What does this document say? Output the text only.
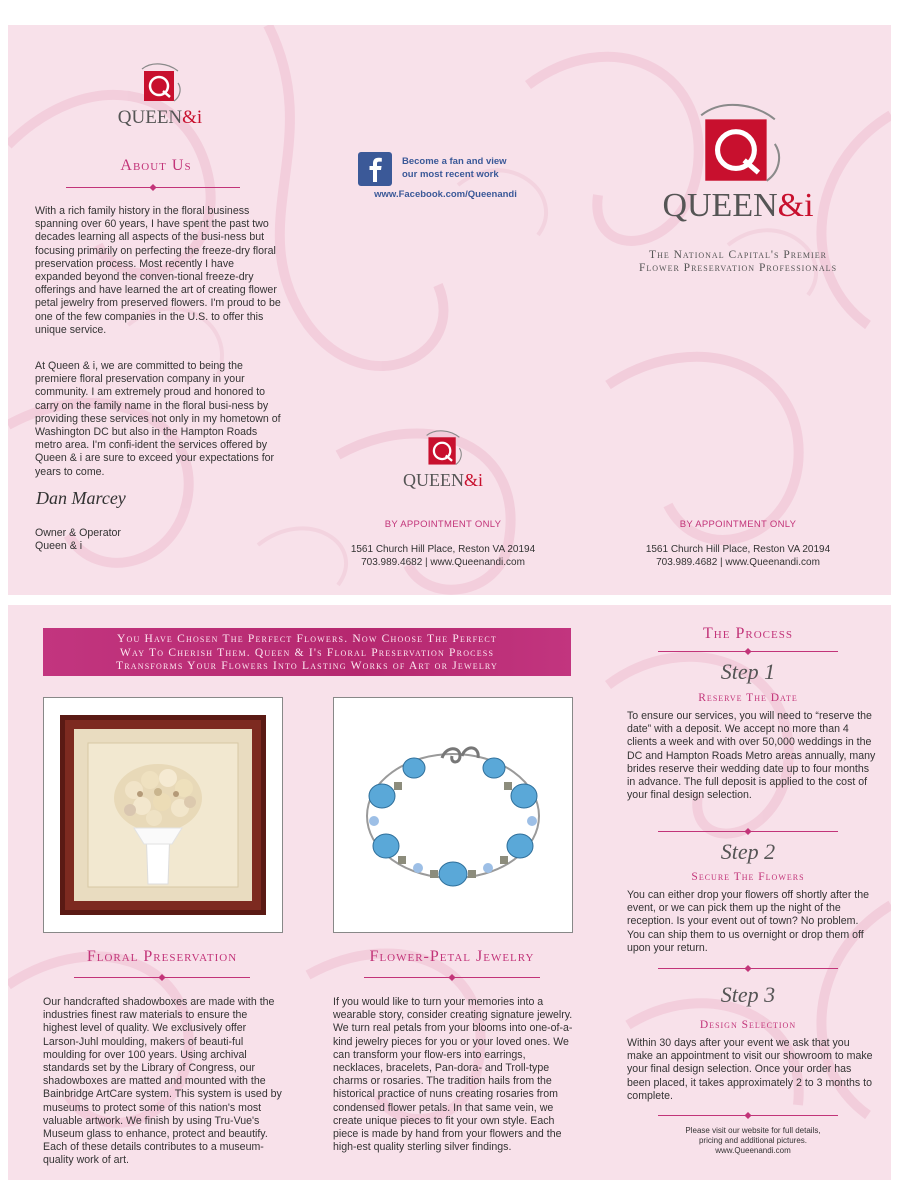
QUEEN&i
About Us
With a rich family history in the floral business spanning over 60 years, I have spent the past two decades learning all aspects of the busi-ness but focusing primarily on perfecting the freeze-dry floral preservation process. Most recently I have expanded beyond the conven-tional freeze-dry offerings and have learned the art of creating flower petal jewelry from preserved flowers. I'm proud to be one of the few companies in the U.S. to offer this unique service.
At Queen & i, we are committed to being the premiere floral preservation company in your community. I am extremely proud and honored to carry on the family name in the floral busi-ness by providing these services not only in my hometown of Washington DC but also in the Hampton Roads metro area. I'm confi-ident the services offered by Queen & i are sure to exceed your expectations for years to come.
Dan Marcey
Owner & Operator
Queen & i
Become a fan and view
our most recent work
www.Facebook.com/Queenandi
QUEEN&i
BY APPOINTMENT ONLY
1561 Church Hill Place, Reston VA 20194
703.989.4682 | www.Queenandi.com
QUEEN&i
The National Capital's Premier
Flower Preservation Professionals
BY APPOINTMENT ONLY
1561 Church Hill Place, Reston VA 20194
703.989.4682 | www.Queenandi.com
You Have Chosen The Perfect Flowers. Now Choose The Perfect
Way To Cherish Them. Queen & I's Floral Preservation Process
Transforms Your Flowers Into Lasting Works of Art or Jewelry
Floral Preservation
Our handcrafted shadowboxes are made with the industries finest raw materials to ensure the highest level of quality. We exclusively offer Larson-Juhl moulding, makers of beauti-ful moulding for over 100 years. Using archival standards set by the Library of Congress, our shadowboxes are matted and mounted with the Bainbridge ArtCare system. This system is used by museums to protect some of this nation's most valuable artwork. We finish by using Tru-Vue's Museum glass to enhance, protect and beautify. Each of these details contributes to a museum-quality work of art.
Flower-Petal Jewelry
If you would like to turn your memories into a wearable story, consider creating signature jewelry. We turn real petals from your blooms into one-of-a-kind jewelry pieces for you or your loved ones. We can transform your flow-ers into earrings, necklaces, bracelets, Pan-dora- and Troll-type charms or rosaries. The tradition hails from the historical practice of nuns creating rosaries from condensed flower petals. In that same vein, we create unique pieces to fit your own style. Each piece is made by hand from your flowers and the high-est quality sterling silver findings.
The Process
Step 1
Reserve The Date
To ensure our services, you will need to “reserve the date” with a deposit. We accept no more than 4 clients a week and with over 50,000 weddings in the DC and Hampton Roads Metro areas annually, many brides reserve their wedding date up to four months in advance. The full deposit is applied to the cost of your final design selection.
Step 2
Secure The Flowers
You can either drop your flowers off shortly after the event, or we can pick them up the night of the reception. Is your event out of town? No problem. You can ship them to us overnight or drop them off upon your return.
Step 3
Design Selection
Within 30 days after your event we ask that you make an appointment to visit our showroom to make your final design selection. Once your order has been placed, it takes approximately 2 to 3 months to complete.
Please visit our website for full details,
pricing and additional pictures.
www.Queenandi.com
